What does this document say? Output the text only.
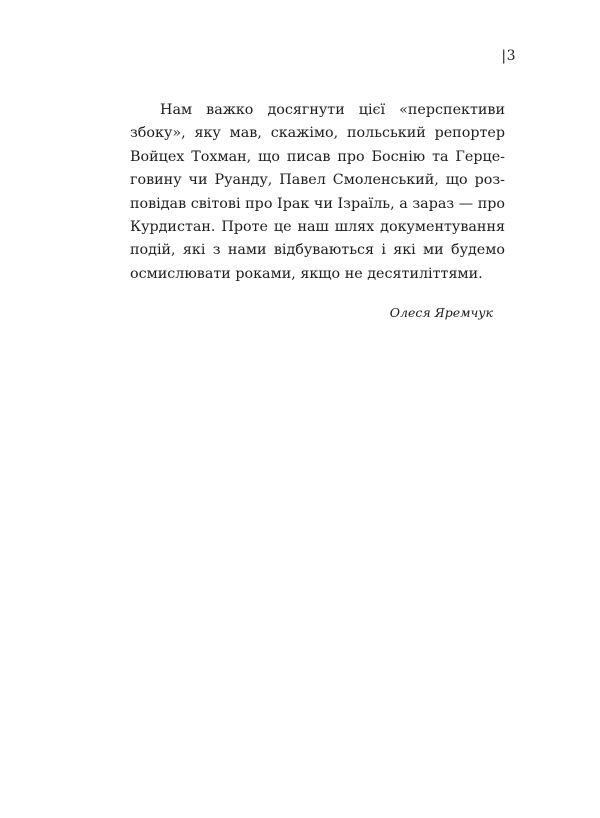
|3
Нам важко досягнути цієї «перспективи
збоку», яку мав, скажімо, польський репортер
Войцех Тохман, що писав про Боснію та Герце-
говину чи Руанду, Павел Смоленський, що роз-
повідав світові про Ірак чи Ізраїль, а зараз — про
Курдистан. Проте це наш шлях документування
подій, які з нами відбуваються і які ми будемо
осмислювати роками, якщо не десятиліттями.
Олеся Яремчук
